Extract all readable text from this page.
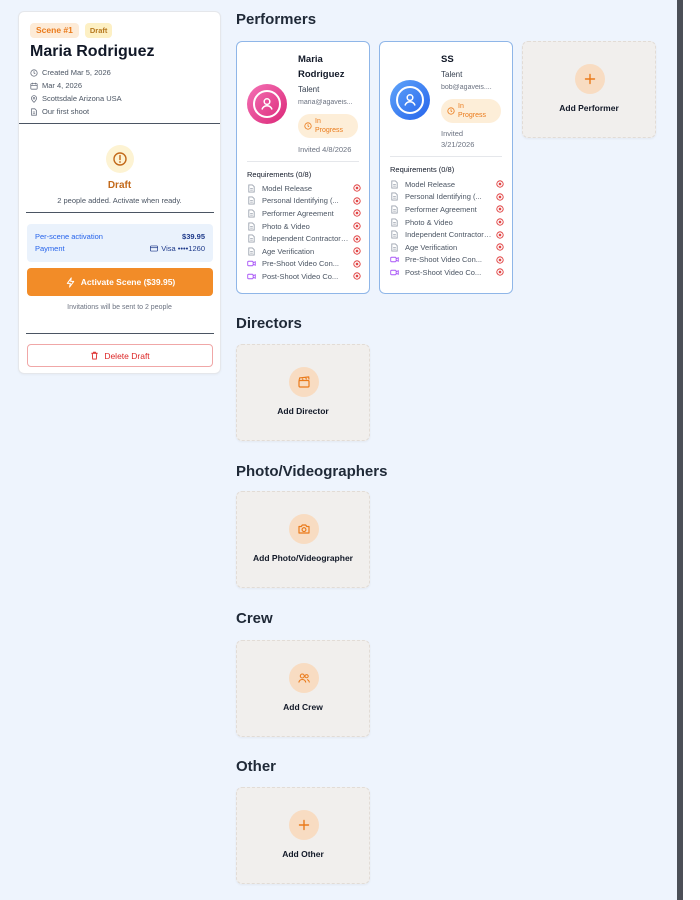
Scene #1	Draft
Maria Rodriguez
Created Mar 5, 2026
Mar 4, 2026
Scottsdale Arizona USA
Our first shoot
Draft
2 people added. Activate when ready.
Per-scene activation	$39.95
Payment	Visa ••••1260
Activate Scene ($39.95)
Invitations will be sent to 2 people
Delete Draft
Performers
Maria Rodriguez
Talent
maria@agaveis...
In Progress
Invited 4/8/2026
Requirements (0/8)
Model Release
Personal Identifying (...
Performer Agreement
Photo & Video
Independent Contractor ...
Age Verification
Pre-Shoot Video Con...
Post-Shoot Video Co...
SS
Talent
bob@agaveis....
In Progress
Invited 3/21/2026
Requirements (0/8)
Model Release
Personal Identifying (...
Performer Agreement
Photo & Video
Independent Contractor ...
Age Verification
Pre-Shoot Video Con...
Post-Shoot Video Co...
Add Performer
Directors
Add Director
Photo/Videographers
Add Photo/Videographer
Crew
Add Crew
Other
Add Other
